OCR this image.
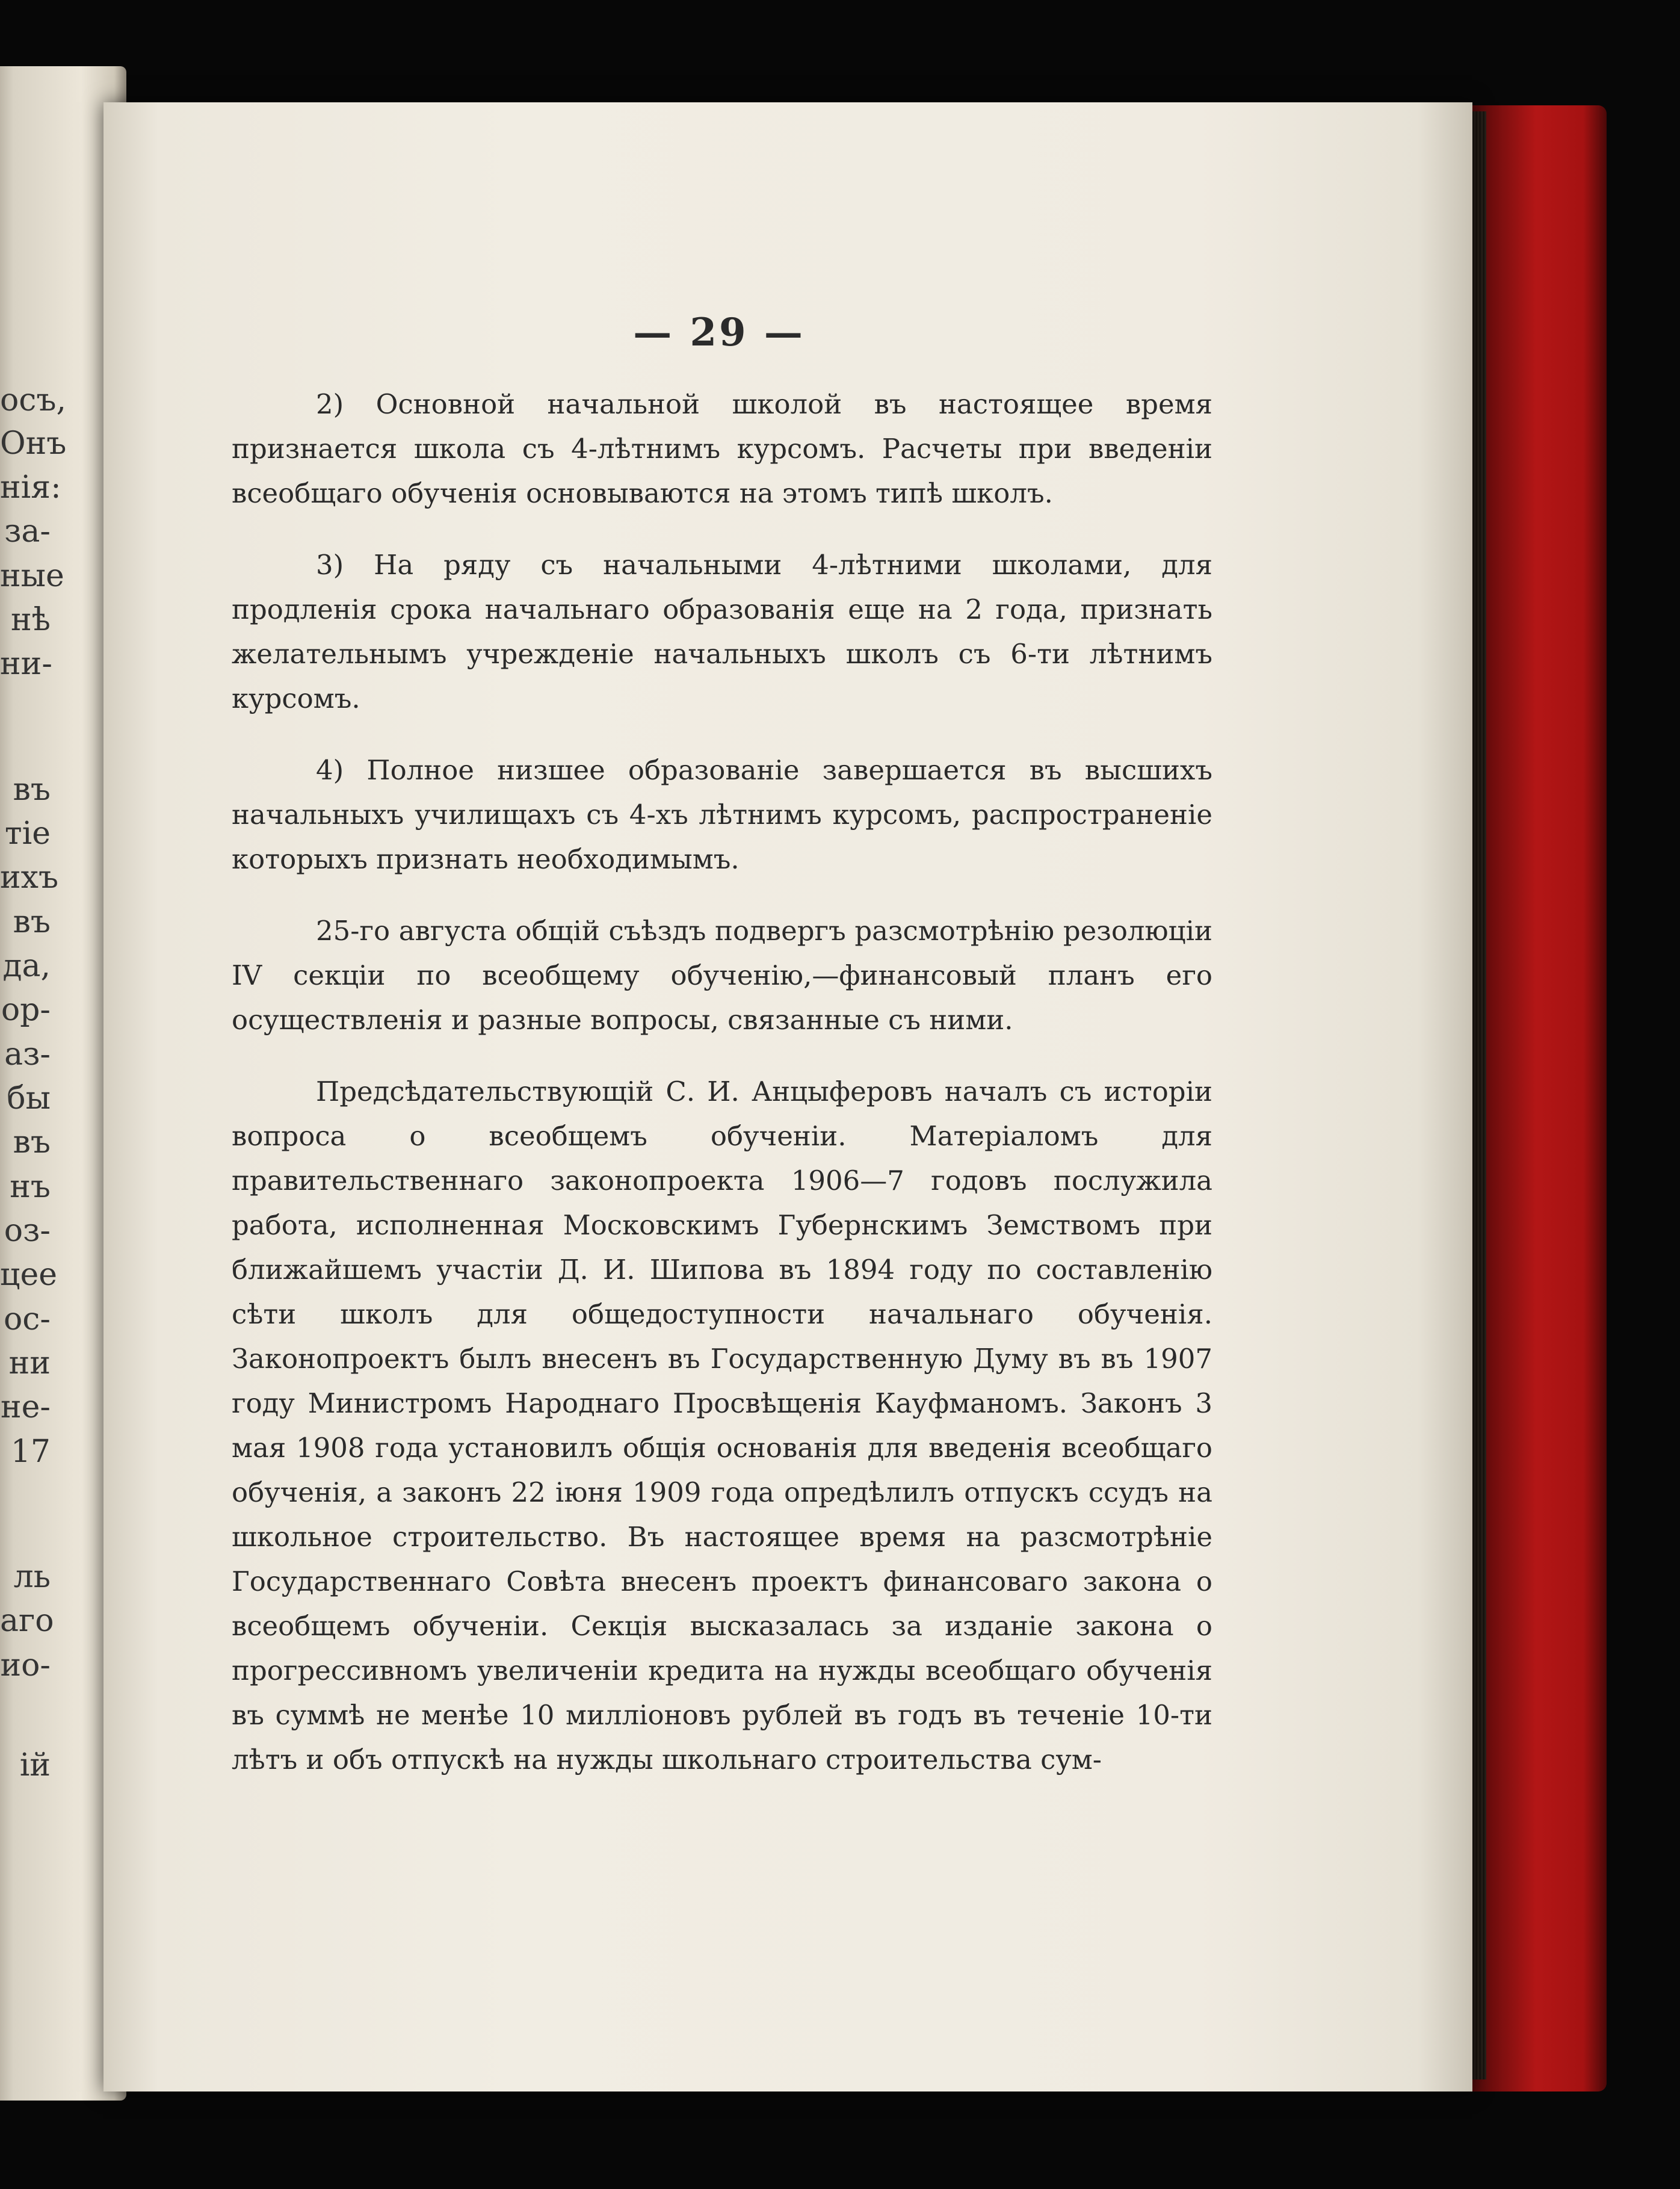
осъ,
Онъ
нія:
за-
ные
нѣ
ни-
въ
тіе
ихъ
въ
да,
ор-
аз-
бы
въ
нъ
оз-
цее
ос-
ни
не-
17
ль
аго
ио-
ій
— 29 —

2) Основной начальной школой въ настоящее время признается школа съ 4-лѣтнимъ курсомъ. Расчеты при введеніи всеобщаго обученія основываются на этомъ типѣ школъ.

3) На ряду съ начальными 4-лѣтними школами, для продленія срока начальнаго образованія еще на 2 года, признать желательнымъ учрежденіе начальныхъ школъ съ 6-ти лѣтнимъ курсомъ.

4) Полное низшее образованіе завершается въ высшихъ начальныхъ училищахъ съ 4-хъ лѣтнимъ курсомъ, распространеніе которыхъ признать необходимымъ.

25-го августа общій съѣздъ подвергъ разсмотрѣнію резолюціи IV секціи по всеобщему обученію,—финансовый планъ его осуществленія и разные вопросы, связанные съ ними.

Предсѣдательствующій С. И. Анцыферовъ началъ съ исторіи вопроса о всеобщемъ обученіи. Матеріаломъ для правительственнаго законопроекта 1906—7 годовъ послужила работа, исполненная Московскимъ Губернскимъ Земствомъ при ближайшемъ участіи Д. И. Шипова въ 1894 году по составленію сѣти школъ для общедоступности начальнаго обученія. Законопроектъ былъ внесенъ въ Государственную Думу въ въ 1907 году Министромъ Народнаго Просвѣщенія Кауфманомъ. Законъ 3 мая 1908 года установилъ общія основанія для введенія всеобщаго обученія, а законъ 22 іюня 1909 года опредѣлилъ отпускъ ссудъ на школьное строительство. Въ настоящее время на разсмотрѣніе Государственнаго Совѣта внесенъ проектъ финансоваго закона о всеобщемъ обученіи. Секція высказалась за изданіе закона о прогрессивномъ увеличеніи кредита на нужды всеобщаго обученія въ суммѣ не менѣе 10 милліоновъ рублей въ годъ въ теченіе 10-ти лѣтъ и объ отпускѣ на нужды школьнаго строительства сум-
